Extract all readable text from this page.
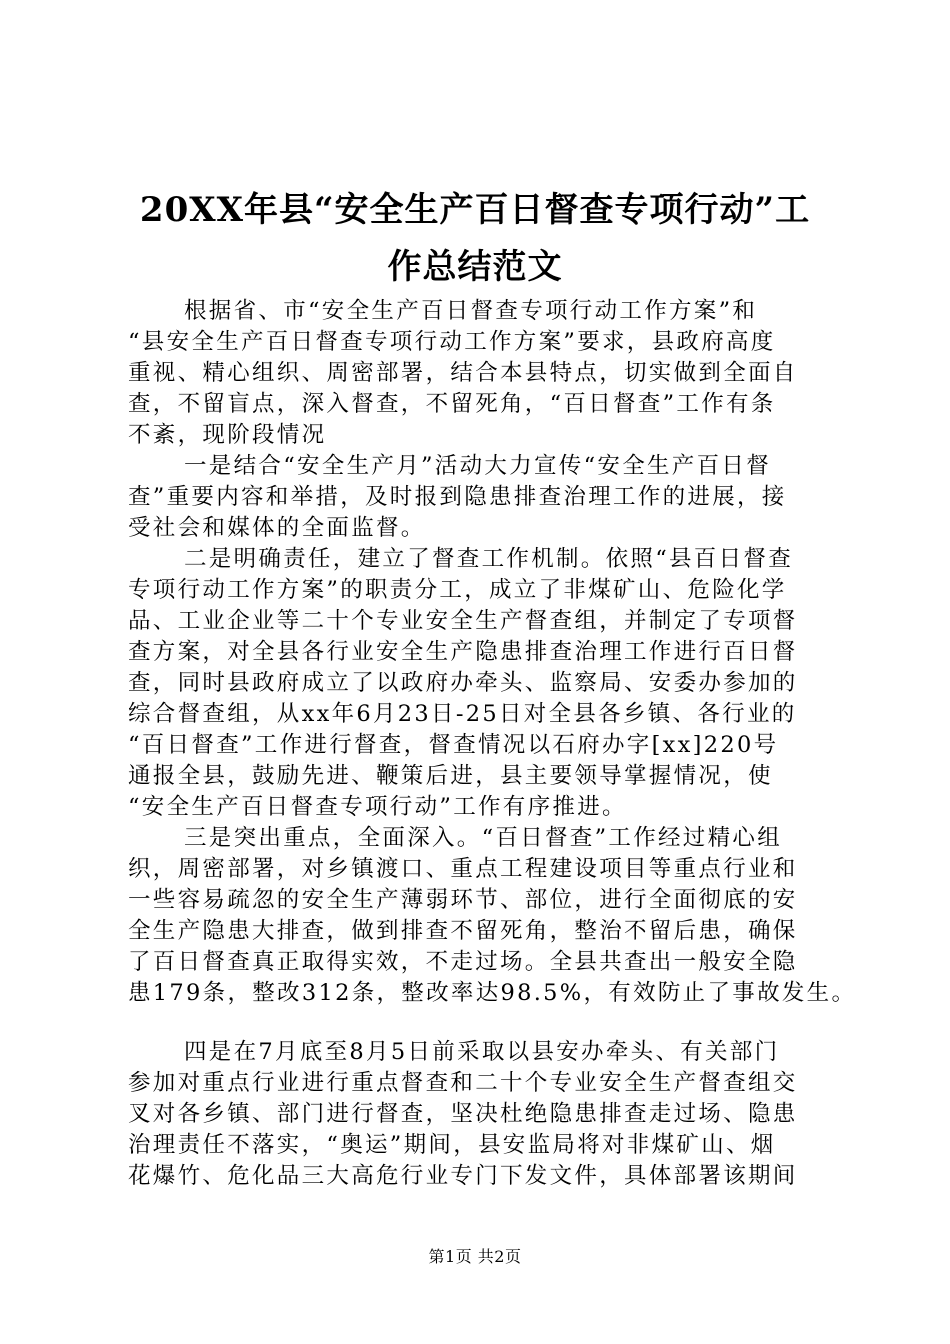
20XX年县“安全生产百日督查专项行动”工
作总结范文
根据省、市“安全生产百日督查专项行动工作方案”和
“县安全生产百日督查专项行动工作方案”要求，县政府高度
重视、精心组织、周密部署，结合本县特点，切实做到全面自
查，不留盲点，深入督查，不留死角，“百日督查”工作有条
不紊，现阶段情况
一是结合“安全生产月”活动大力宣传“安全生产百日督
查”重要内容和举措，及时报到隐患排查治理工作的进展，接
受社会和媒体的全面监督。
二是明确责任，建立了督查工作机制。依照“县百日督查
专项行动工作方案”的职责分工，成立了非煤矿山、危险化学
品、工业企业等二十个专业安全生产督查组，并制定了专项督
查方案，对全县各行业安全生产隐患排查治理工作进行百日督
查，同时县政府成立了以政府办牵头、监察局、安委办参加的
综合督查组，从xx年6月23日-25日对全县各乡镇、各行业的
“百日督查”工作进行督查，督查情况以石府办字[xx]220号
通报全县，鼓励先进、鞭策后进，县主要领导掌握情况，使
“安全生产百日督查专项行动”工作有序推进。
三是突出重点，全面深入。“百日督查”工作经过精心组
织，周密部署，对乡镇渡口、重点工程建设项目等重点行业和
一些容易疏忽的安全生产薄弱环节、部位，进行全面彻底的安
全生产隐患大排查，做到排查不留死角，整治不留后患，确保
了百日督查真正取得实效，不走过场。全县共查出一般安全隐
患179条，整改312条，整改率达98.5%，有效防止了事故发生。
四是在7月底至8月5日前采取以县安办牵头、有关部门
参加对重点行业进行重点督查和二十个专业安全生产督查组交
叉对各乡镇、部门进行督查，坚决杜绝隐患排查走过场、隐患
治理责任不落实，“奥运”期间，县安监局将对非煤矿山、烟
花爆竹、危化品三大高危行业专门下发文件，具体部署该期间
第1页 共2页
